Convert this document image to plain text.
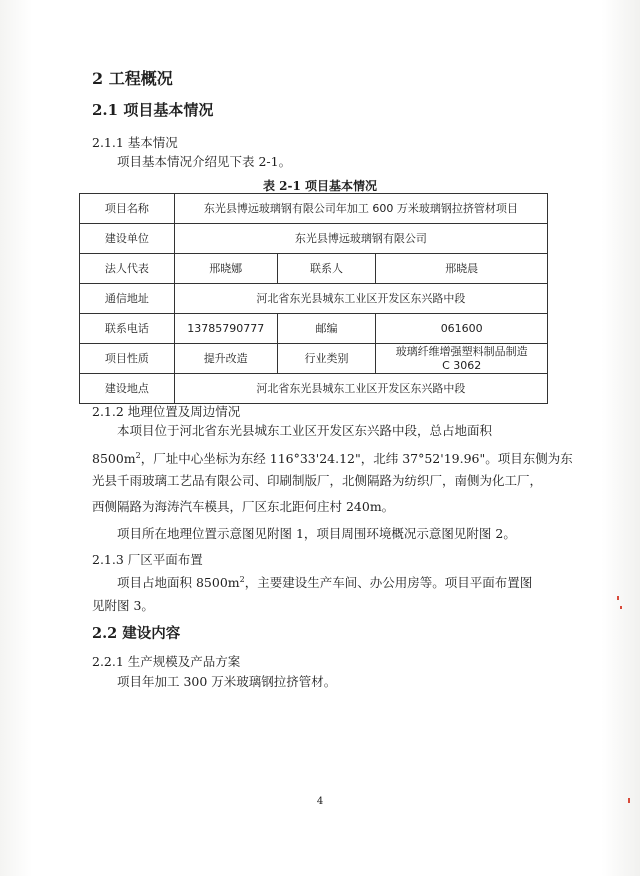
2 工程概况
2.1 项目基本情况
2.1.1 基本情况
项目基本情况介绍见下表 2-1。
表 2-1 项目基本情况
项目名称	东光县博远玻璃钢有限公司年加工 600 万米玻璃钢拉挤管材项目		
建设单位	东光县博远玻璃钢有限公司		
法人代表	邢晓娜	联系人	邢晓晨
通信地址	河北省东光县城东工业区开发区东兴路中段		
联系电话	13785790777	邮编	061600
项目性质	提升改造	行业类别	玻璃纤维增强塑料制品制造
C 3062
建设地点	河北省东光县城东工业区开发区东兴路中段		
2.1.2 地理位置及周边情况
本项目位于河北省东光县城东工业区开发区东兴路中段，总占地面积
$8500m^2$，厂址中心坐标为东经 116°33'24.12"，北纬 37°52'19.96"。项目东侧为东
光县千雨玻璃工艺品有限公司、印刷制版厂，北侧隔路为纺织厂，南侧为化工厂，
西侧隔路为海涛汽车模具，厂区东北距何庄村 240m。
项目所在地理位置示意图见附图 1，项目周围环境概况示意图见附图 2。
2.1.3 厂区平面布置
项目占地面积 $8500m^2$，主要建设生产车间、办公用房等。项目平面布置图
见附图 3。
2.2 建设内容
2.2.1 生产规模及产品方案
项目年加工 300 万米玻璃钢拉挤管材。
4
